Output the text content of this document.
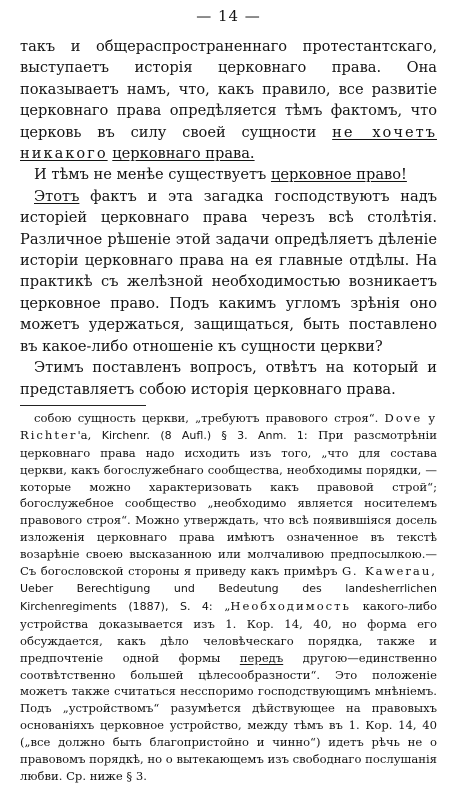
— 14 —
такъ и общераспространеннаго протестантскаго, выступаетъ исторія церковнаго права. Она показываетъ намъ, что, какъ правило, все развитіе церковнаго права опредѣляется тѣмъ фактомъ, что церковь въ силу своей сущности не хочетъ никакого церковнаго права.
И тѣмъ не менѣе существуетъ церковное право!
Этотъ фактъ и эта загадка господствуютъ надъ исторіей церковнаго права черезъ всѣ столѣтія. Различное рѣшеніе этой задачи опредѣляетъ дѣленіе исторіи церковнаго права на ея главные отдѣлы. На практикѣ съ желѣзной необходимостью возникаетъ церковное право. Подъ какимъ угломъ зрѣнія оно можетъ удержаться, защищаться, быть поставлено въ какое-либо отношеніе къ сущности церкви?
Этимъ поставленъ вопросъ, отвѣтъ на который и представляетъ собою исторія церковнаго права.
собою сущность церкви, „требуютъ правового строя“. Dove y Richter'а, Kirchenr. (8 Aufl.) § 3. Anm. 1: При разсмотрѣніи церковнаго права надо исходить изъ того, „что для состава церкви, какъ богослужебнаго сообщества, необходимы порядки, — которые можно характеризовать какъ правовой строй“; богослужебное сообщество „необходимо является носителемъ правового строя“. Можно утверждать, что всѣ появившіяся досель изложенія церковнаго права имѣютъ означенное въ текстѣ возарѣніе своею высказанною или молчаливою предпосылкою.—Съ богословской стороны я приведу какъ примѣръ G. Kawerau, Ueber Berechtigung und Bedeutung des landesherrlichen Kirchenregiments (1887), S. 4: „Необходимость какого-либо устройства доказывается изъ 1. Кор. 14, 40, но форма его обсуждается, какъ дѣло человѣческаго порядка, также и предпочтеніе одной формы передъ другою—единственно соотвѣтственно большей цѣлесообразности“. Это положеніе можетъ также считаться несспоримо господствующимъ мнѣніемъ. Подъ „устройствомъ“ разумѣется дѣйствующее на правовыхъ основаніяхъ церковное устройство, между тѣмъ въ 1. Кор. 14, 40 („все должно быть благопристойно и чинно“) идетъ рѣчь не о правовомъ порядкѣ, но о вытекающемъ изъ свободнаго послушанія любви. Ср. ниже § 3.
